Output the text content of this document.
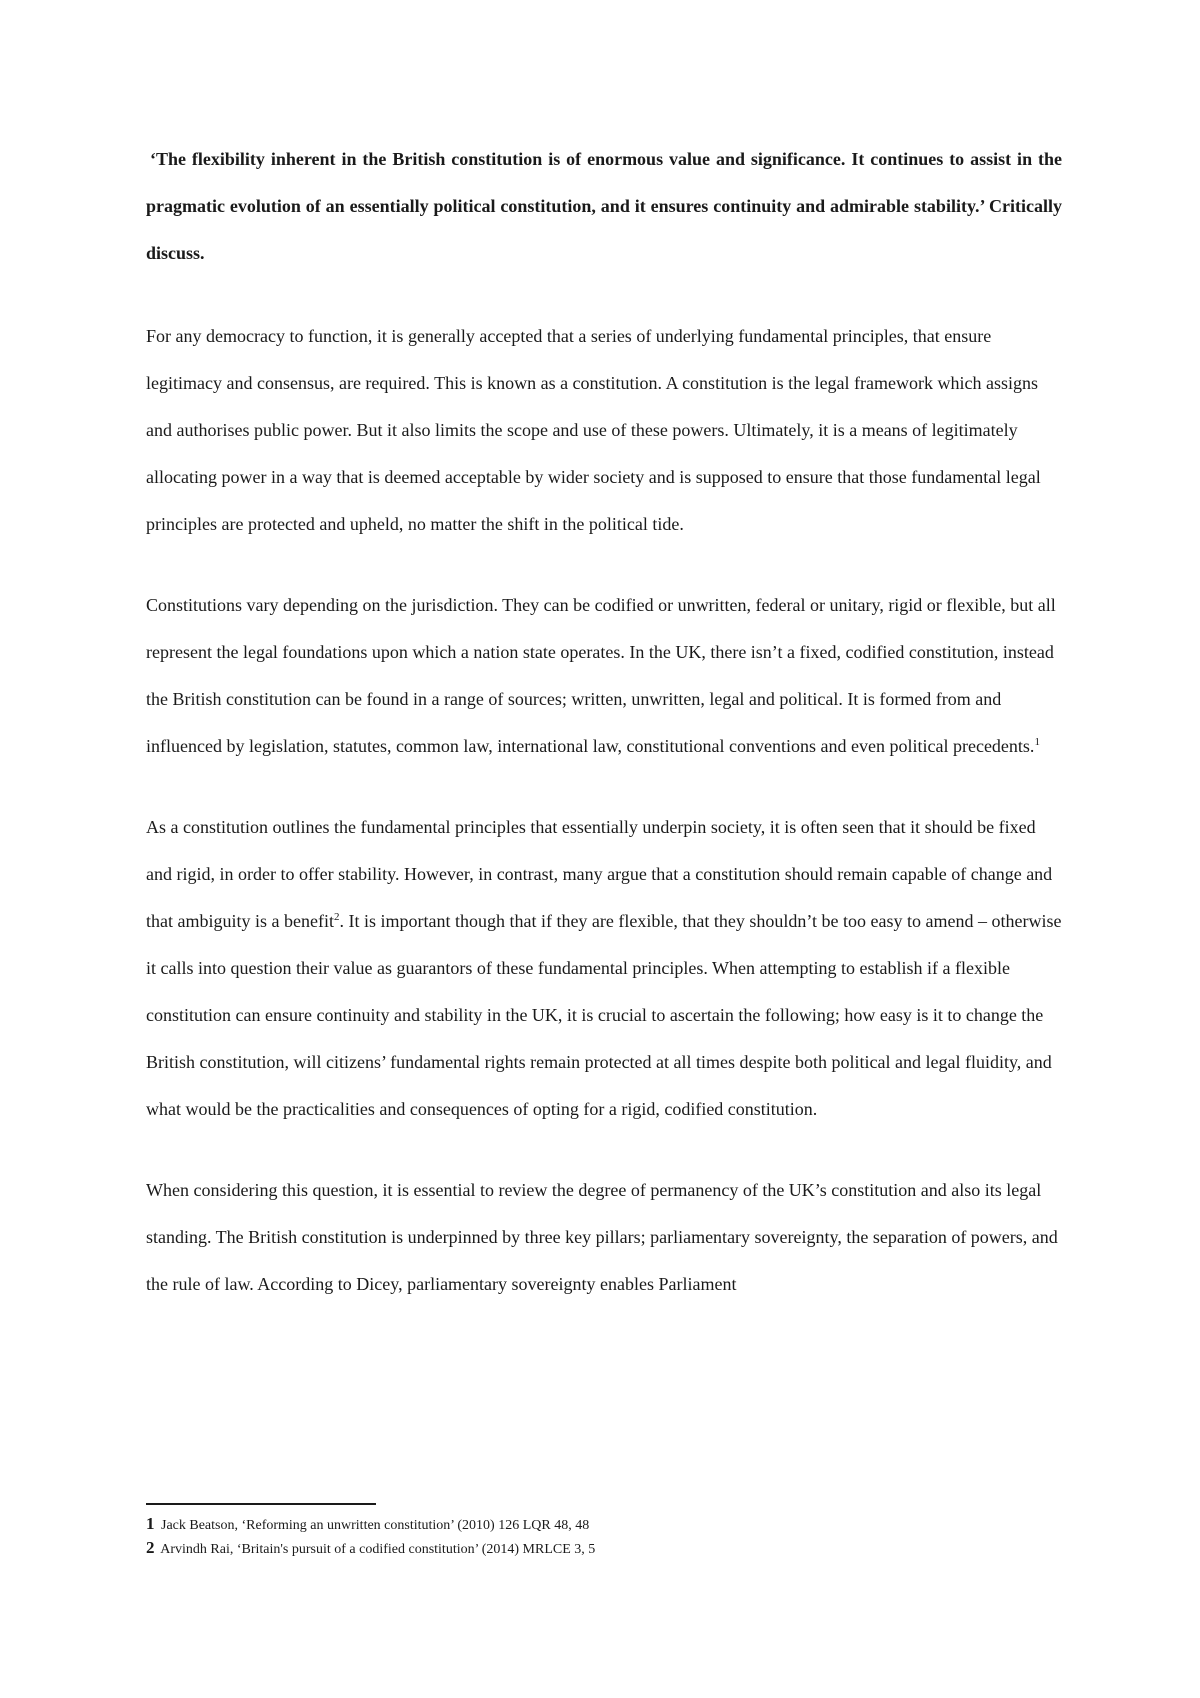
‘The flexibility inherent in the British constitution is of enormous value and significance. It continues to assist in the pragmatic evolution of an essentially political constitution, and it ensures continuity and admirable stability.’ Critically discuss.

For any democracy to function, it is generally accepted that a series of underlying fundamental principles, that ensure legitimacy and consensus, are required. This is known as a constitution. A constitution is the legal framework which assigns and authorises public power. But it also limits the scope and use of these powers. Ultimately, it is a means of legitimately allocating power in a way that is deemed acceptable by wider society and is supposed to ensure that those fundamental legal principles are protected and upheld, no matter the shift in the political tide.

Constitutions vary depending on the jurisdiction. They can be codified or unwritten, federal or unitary, rigid or flexible, but all represent the legal foundations upon which a nation state operates. In the UK, there isn’t a fixed, codified constitution, instead the British constitution can be found in a range of sources; written, unwritten, legal and political. It is formed from and influenced by legislation, statutes, common law, international law, constitutional conventions and even political precedents.$^1$

As a constitution outlines the fundamental principles that essentially underpin society, it is often seen that it should be fixed and rigid, in order to offer stability. However, in contrast, many argue that a constitution should remain capable of change and that ambiguity is a benefit$^2$. It is important though that if they are flexible, that they shouldn’t be too easy to amend – otherwise it calls into question their value as guarantors of these fundamental principles. When attempting to establish if a flexible constitution can ensure continuity and stability in the UK, it is crucial to ascertain the following; how easy is it to change the British constitution, will citizens’ fundamental rights remain protected at all times despite both political and legal fluidity, and what would be the practicalities and consequences of opting for a rigid, codified constitution.

When considering this question, it is essential to review the degree of permanency of the UK’s constitution and also its legal standing. The British constitution is underpinned by three key pillars; parliamentary sovereignty, the separation of powers, and the rule of law. According to Dicey, parliamentary sovereignty enables Parliament

1 Jack Beatson, ‘Reforming an unwritten constitution’ (2010) 126 LQR 48, 48

2 Arvindh Rai, ‘Britain's pursuit of a codified constitution’ (2014) MRLCE 3, 5
